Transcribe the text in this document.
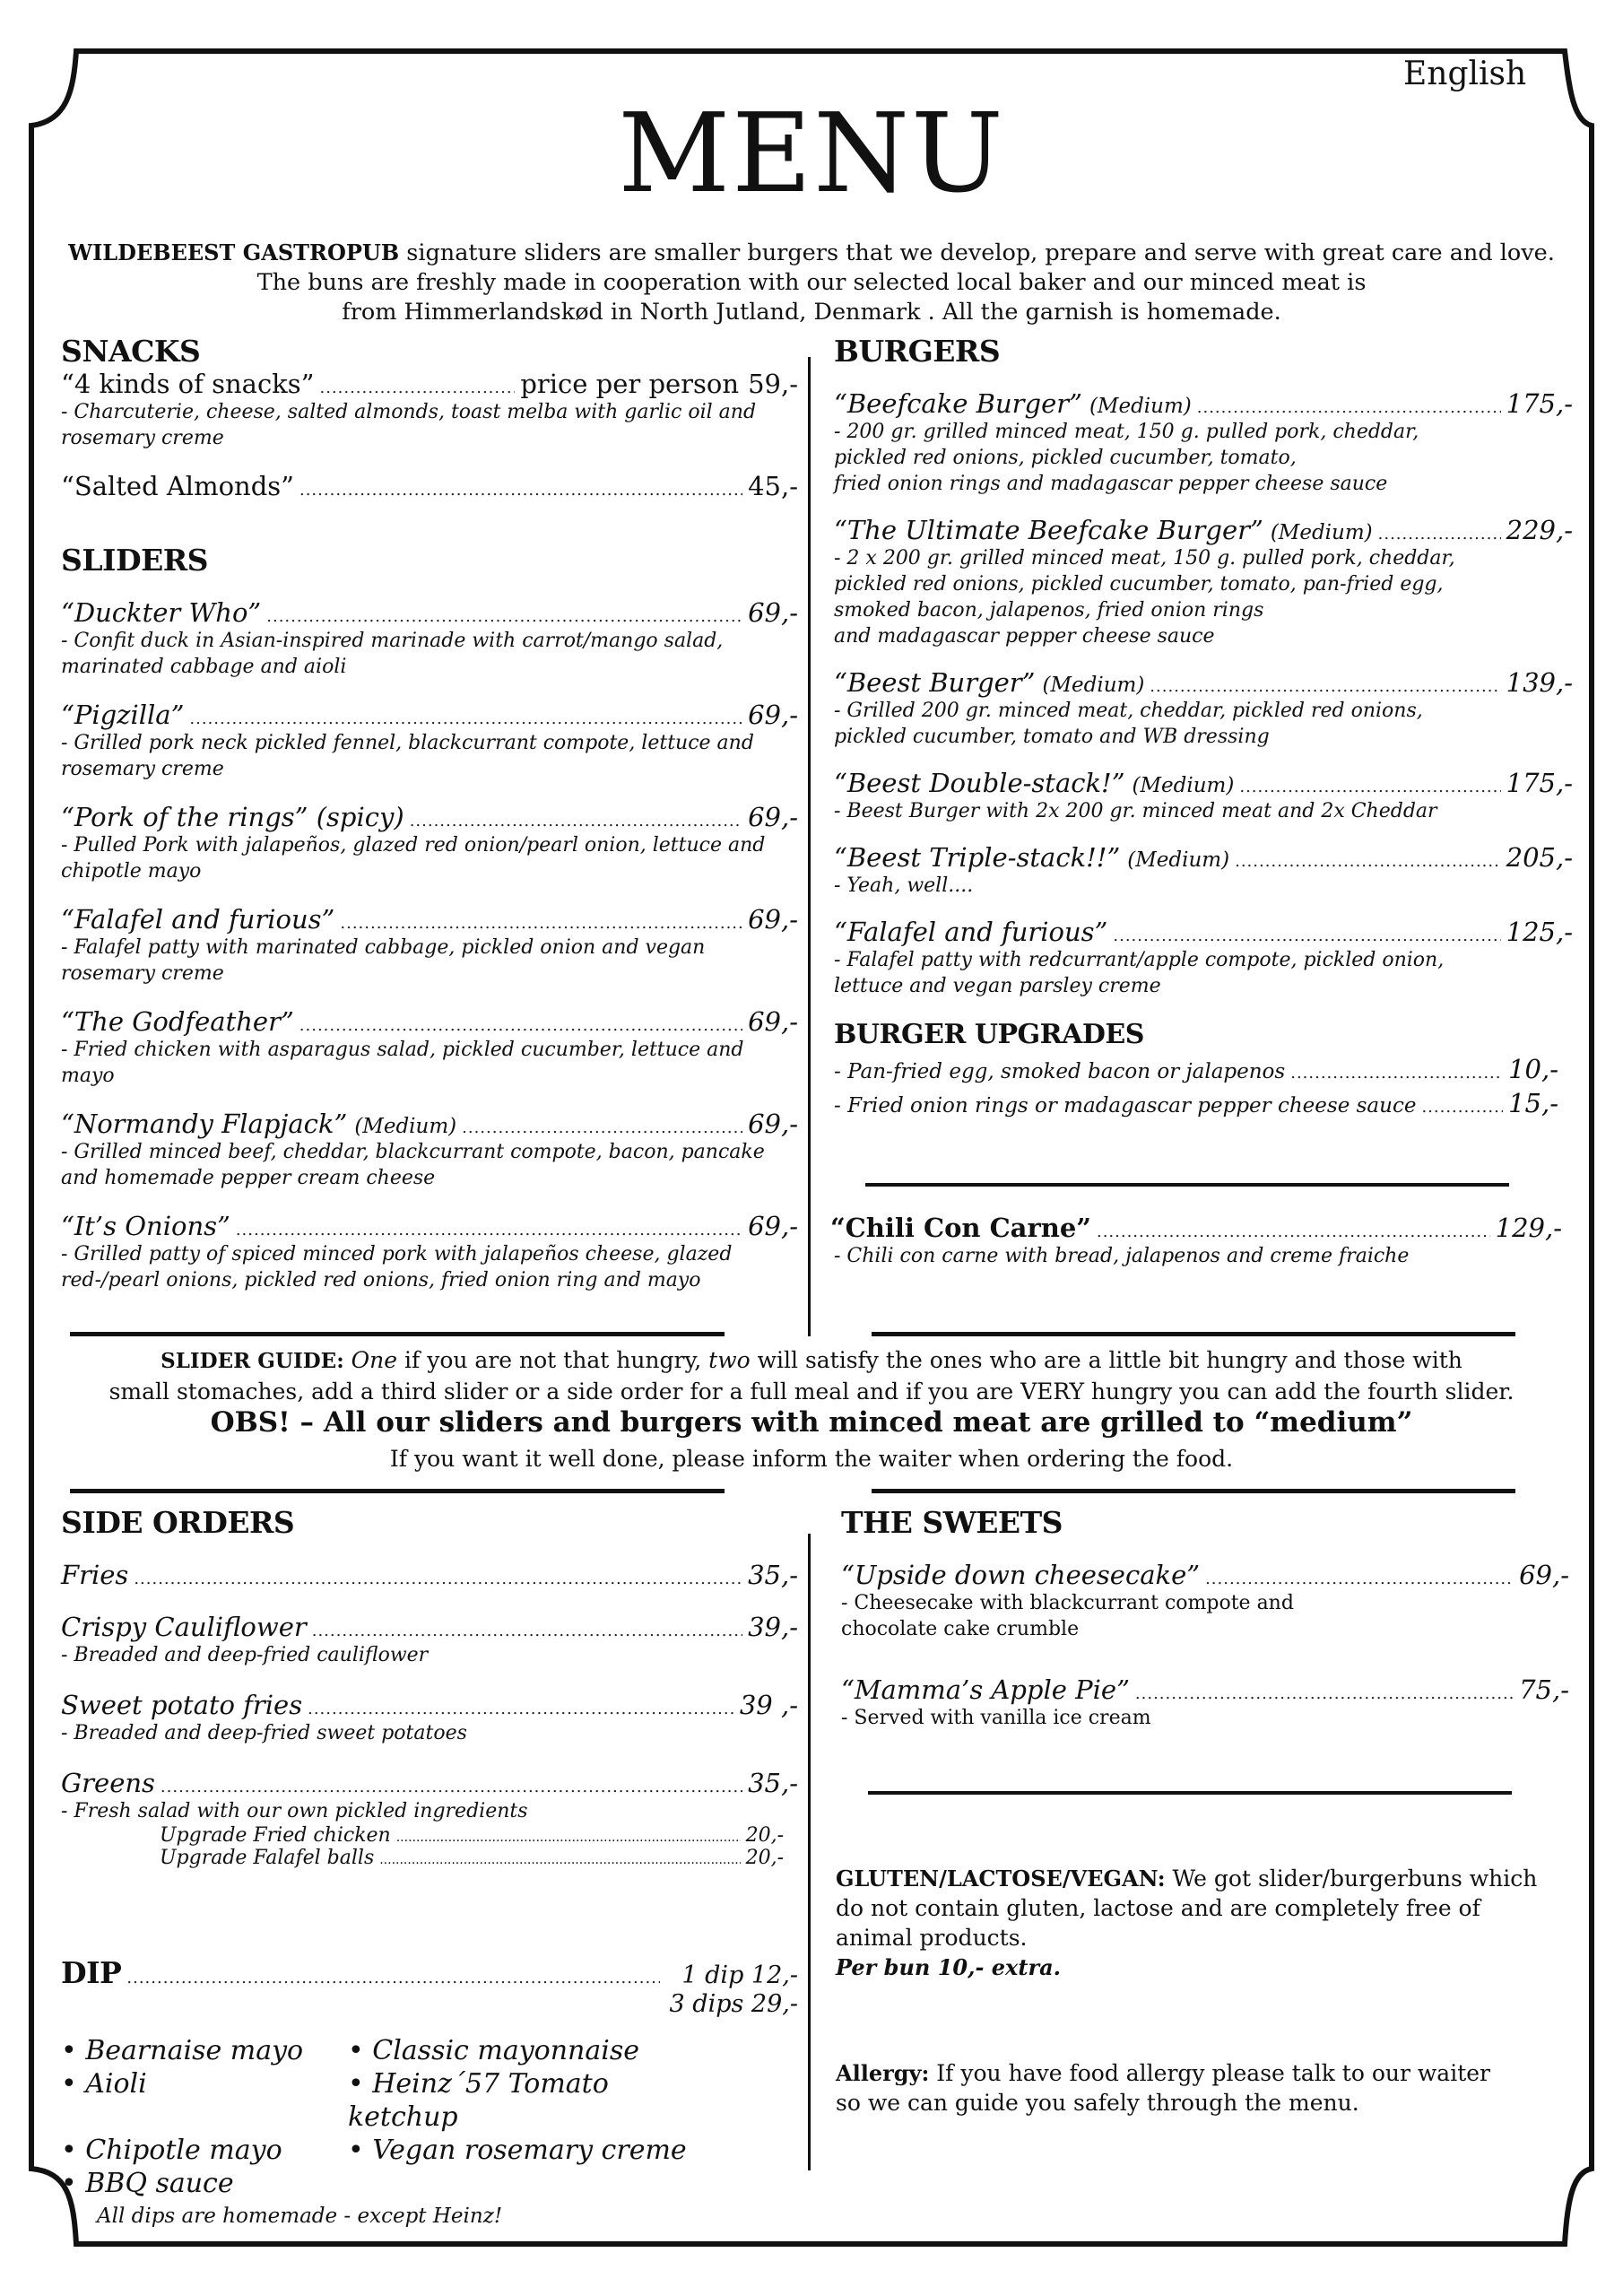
English
MENU
WILDEBEEST GASTROPUB signature sliders are smaller burgers that we develop, prepare and serve with great care and love.
The buns are freshly made in cooperation with our selected local baker and our minced meat is
from Himmerlandskød in North Jutland, Denmark . All the garnish is homemade.
SNACKS
“4 kinds of snacks” .....	price per person 59,-
- Charcuterie, cheese, salted almonds, toast melba with garlic oil and rosemary creme
“Salted Almonds” .....	45,-
SLIDERS
“Duckter Who” .....	69,-
- Confit duck in Asian-inspired marinade with carrot/mango salad, marinated cabbage and aioli
“Pigzilla” .....	69,-
- Grilled pork neck pickled fennel, blackcurrant compote, lettuce and rosemary creme
“Pork of the rings” (spicy) .....	69,-
- Pulled Pork with jalapeños, glazed red onion/pearl onion, lettuce and chipotle mayo
“Falafel and furious” .....	69,-
- Falafel patty with marinated cabbage, pickled onion and vegan rosemary creme
“The Godfeather” .....	69,-
- Fried chicken with asparagus salad, pickled cucumber, lettuce and mayo
“Normandy Flapjack” (Medium) .....	69,-
- Grilled minced beef, cheddar, blackcurrant compote, bacon, pancake and homemade pepper cream cheese
“It’s Onions” .....	69,-
- Grilled patty of spiced minced pork with jalapeños cheese, glazed red-/pearl onions, pickled red onions, fried onion ring and mayo
BURGERS
“Beefcake Burger” (Medium) .....	175,-
- 200 gr. grilled minced meat, 150 g. pulled pork, cheddar,
pickled red onions, pickled cucumber, tomato,
fried onion rings and madagascar pepper cheese sauce
“The Ultimate Beefcake Burger” (Medium) .....	229,-
- 2 x 200 gr. grilled minced meat, 150 g. pulled pork, cheddar,
pickled red onions, pickled cucumber, tomato, pan-fried egg,
smoked bacon, jalapenos, fried onion rings
and madagascar pepper cheese sauce
“Beest Burger” (Medium) .....	139,-
- Grilled 200 gr. minced meat, cheddar, pickled red onions,
pickled cucumber, tomato and WB dressing
“Beest Double-stack!” (Medium) .....	175,-
- Beest Burger with 2x 200 gr. minced meat and 2x Cheddar
“Beest Triple-stack!!” (Medium) .....	205,-
- Yeah, well....
“Falafel and furious” .....	125,-
- Falafel patty with redcurrant/apple compote, pickled onion,
lettuce and vegan parsley creme
BURGER UPGRADES
- Pan-fried egg, smoked bacon or jalapenos .....	10,-
- Fried onion rings or madagascar pepper cheese sauce .....	15,-
“Chili Con Carne” .....	129,-
- Chili con carne with bread, jalapenos and creme fraiche
SLIDER GUIDE: One if you are not that hungry, two will satisfy the ones who are a little bit hungry and those with
small stomaches, add a third slider or a side order for a full meal and if you are VERY hungry you can add the fourth slider.
OBS! – All our sliders and burgers with minced meat are grilled to “medium”
If you want it well done, please inform the waiter when ordering the food.
SIDE ORDERS
Fries .....	35,-
Crispy Cauliflower .....	39,-
- Breaded and deep-fried cauliflower
Sweet potato fries .....	39 ,-
- Breaded and deep-fried sweet potatoes
Greens .....	35,-
- Fresh salad with our own pickled ingredients
Upgrade Fried chicken .....	20,-
Upgrade Falafel balls .....	20,-
DIP .....	1 dip 12,-
3 dips 29,-
• Bearnaise mayo	• Classic mayonnaise
• Aioli	• Heinz´57 Tomato ketchup
• Chipotle mayo	• Vegan rosemary creme
• BBQ sauce
All dips are homemade - except Heinz!
THE SWEETS
“Upside down cheesecake” .....	69,-
- Cheesecake with blackcurrant compote and
chocolate cake crumble
“Mamma’s Apple Pie” .....	75,-
- Served with vanilla ice cream
GLUTEN/LACTOSE/VEGAN: We got slider/burgerbuns which do not contain gluten, lactose and are completely free of animal products.
Per bun 10,- extra.
Allergy: If you have food allergy please talk to our waiter so we can guide you safely through the menu.
